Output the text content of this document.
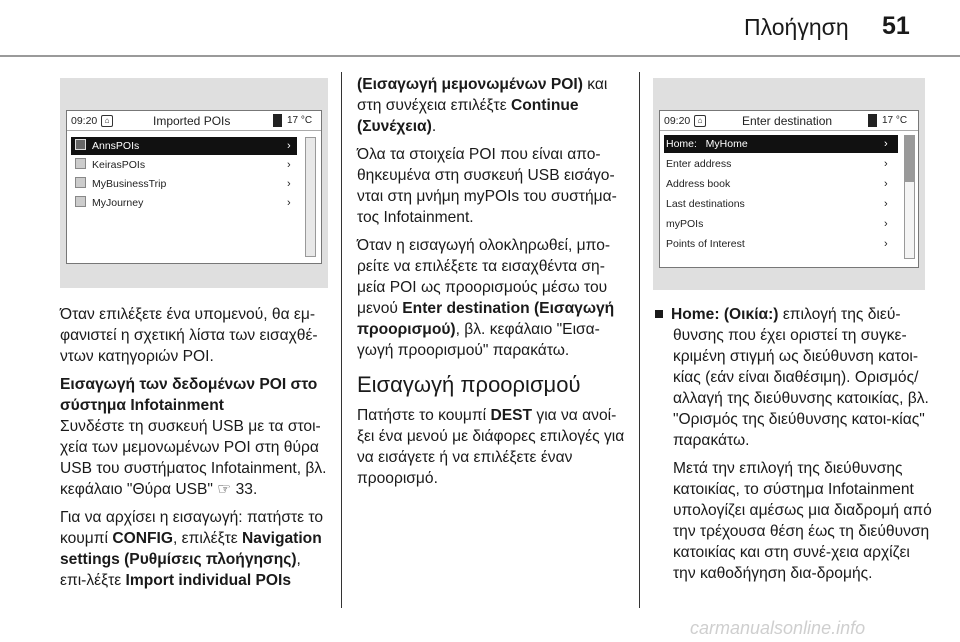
Πλοήγηση 51
09:20 ⌂	Imported POIs	17 °C
AnnsPOIs	›
KeirasPOIs	›
MyBusinessTrip	›
MyJourney	›
09:20 ⌂	Enter destination	17 °C
Home:   MyHome	›
Enter address	›
Address book	›
Last destinations	›
myPOIs	›
Points of Interest	›

Όταν επιλέξετε ένα υπομενού, θα εμ-φανιστεί η σχετική λίστα των εισαχθέ-ντων κατηγοριών POI.

Εισαγωγή των δεδομένων POI στο σύστημα Infotainment

Συνδέστε τη συσκευή USB με τα στοι-χεία των μεμονωμένων POI στη θύρα USB του συστήματος Infotainment, βλ. κεφάλαιο "Θύρα USB" ☞ 33.

Για να αρχίσει η εισαγωγή: πατήστε το κουμπί CONFIG, επιλέξτε Navigation settings (Ρυθμίσεις πλοήγησης), επι-λέξτε Import individual POIs

(Εισαγωγή μεμονωμένων POI) και στη συνέχεια επιλέξτε Continue (Συνέχεια).

Όλα τα στοιχεία POI που είναι απο-θηκευμένα στη συσκευή USB εισάγο-νται στη μνήμη myPOIs του συστήμα-τος Infotainment.

Όταν η εισαγωγή ολοκληρωθεί, μπο-ρείτε να επιλέξετε τα εισαχθέντα ση-μεία POI ως προορισμούς μέσω του μενού Enter destination (Εισαγωγή προορισμού), βλ. κεφάλαιο "Εισα-γωγή προορισμού" παρακάτω.

Εισαγωγή προορισμού

Πατήστε το κουμπί DEST για να ανοί-ξει ένα μενού με διάφορες επιλογές για να εισάγετε ή να επιλέξετε έναν προορισμό.

Home: (Οικία:) επιλογή της διεύ-θυνσης που έχει οριστεί τη συγκε-κριμένη στιγμή ως διεύθυνση κατοι-κίας (εάν είναι διαθέσιμη). Ορισμός/ αλλαγή της διεύθυνσης κατοικίας, βλ. "Ορισμός της διεύθυνσης κατοι-κίας" παρακάτω.

Μετά την επιλογή της διεύθυνσης κατοικίας, το σύστημα Infotainment υπολογίζει αμέσως μια διαδρομή από την τρέχουσα θέση έως τη διεύθυνση κατοικίας και στη συνέ-χεια αρχίζει την καθοδήγηση δια-δρομής.

carmanualsonline.info
